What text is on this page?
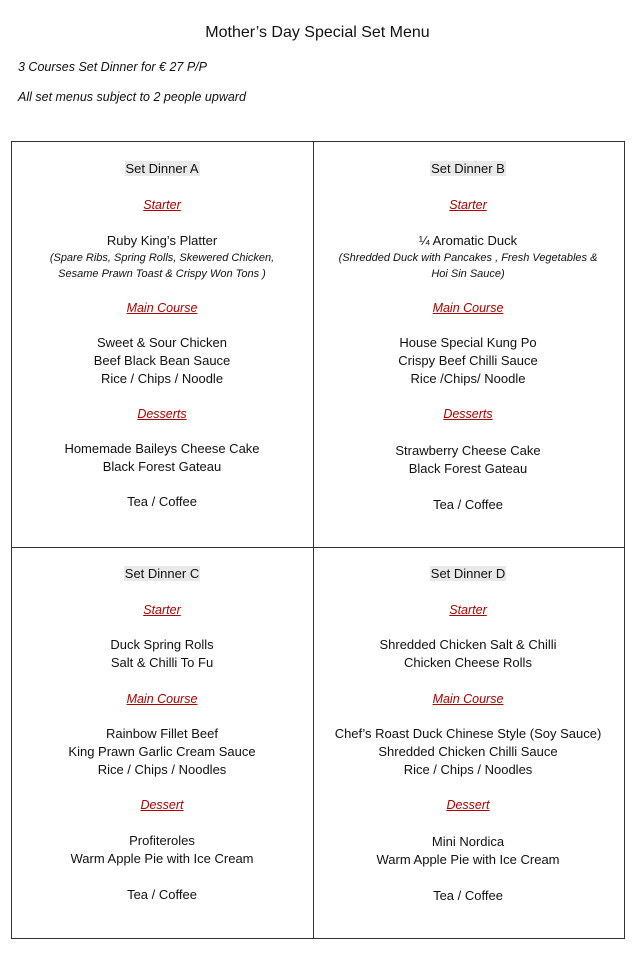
Mother’s Day Special Set Menu
3 Courses Set Dinner for € 27 P/P
All set menus subject to 2 people upward
Set Dinner A
Starter
Ruby King’s Platter
(Spare Ribs, Spring Rolls, Skewered Chicken,
Sesame Prawn Toast & Crispy Won Tons )
Main Course
Sweet & Sour Chicken
Beef Black Bean Sauce
Rice / Chips / Noodle
Desserts
Homemade Baileys Cheese Cake
Black Forest Gateau
Tea / Coffee
Set Dinner B
Starter
¼ Aromatic Duck
(Shredded Duck with Pancakes , Fresh Vegetables &
Hoi Sin Sauce)
Main Course
House Special Kung Po
Crispy Beef Chilli Sauce
Rice /Chips/ Noodle
Desserts
Strawberry Cheese Cake
Black Forest Gateau
Tea / Coffee
Set Dinner C
Starter
Duck Spring Rolls
Salt & Chilli To Fu
Main Course
Rainbow Fillet Beef
King Prawn Garlic Cream Sauce
Rice / Chips / Noodles
Dessert
Profiteroles
Warm Apple Pie with Ice Cream
Tea / Coffee
Set Dinner D
Starter
Shredded Chicken Salt & Chilli
Chicken Cheese Rolls
Main Course
Chef’s Roast Duck Chinese Style (Soy Sauce)
Shredded Chicken Chilli Sauce
Rice / Chips / Noodles
Dessert
Mini Nordica
Warm Apple Pie with Ice Cream
Tea / Coffee
